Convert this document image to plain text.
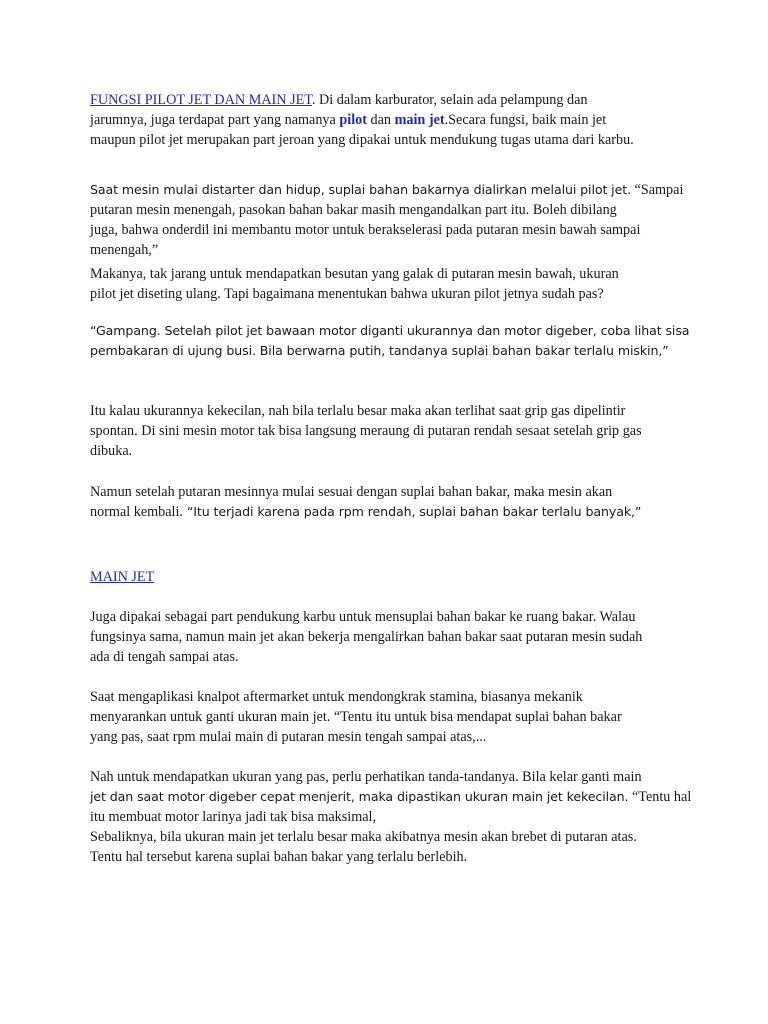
FUNGSI PILOT JET DAN MAIN JET. Di dalam karburator, selain ada pelampung dan
jarumnya, juga terdapat part yang namanya pilot dan main jet.Secara fungsi, baik main jet
maupun pilot jet merupakan part jeroan yang dipakai untuk mendukung tugas utama dari karbu.

Saat mesin mulai distarter dan hidup, suplai bahan bakarnya dialirkan melalui pilot jet. “Sampai
putaran mesin menengah, pasokan bahan bakar masih mengandalkan part itu. Boleh dibilang
juga, bahwa onderdil ini membantu motor untuk berakselerasi pada putaran mesin bawah sampai
menengah,”

Makanya, tak jarang untuk mendapatkan besutan yang galak di putaran mesin bawah, ukuran
pilot jet diseting ulang. Tapi bagaimana menentukan bahwa ukuran pilot jetnya sudah pas?

“Gampang. Setelah pilot jet bawaan motor diganti ukurannya dan motor digeber, coba lihat sisa
pembakaran di ujung busi. Bila berwarna putih, tandanya suplai bahan bakar terlalu miskin,”

Itu kalau ukurannya kekecilan, nah bila terlalu besar maka akan terlihat saat grip gas dipelintir
spontan. Di sini mesin motor tak bisa langsung meraung di putaran rendah sesaat setelah grip gas
dibuka.

Namun setelah putaran mesinnya mulai sesuai dengan suplai bahan bakar, maka mesin akan
normal kembali. “Itu terjadi karena pada rpm rendah, suplai bahan bakar terlalu banyak,”

MAIN JET

Juga dipakai sebagai part pendukung karbu untuk mensuplai bahan bakar ke ruang bakar. Walau
fungsinya sama, namun main jet akan bekerja mengalirkan bahan bakar saat putaran mesin sudah
ada di tengah sampai atas.

Saat mengaplikasi knalpot aftermarket untuk mendongkrak stamina, biasanya mekanik
menyarankan untuk ganti ukuran main jet. “Tentu itu untuk bisa mendapat suplai bahan bakar
yang pas, saat rpm mulai main di putaran mesin tengah sampai atas,...

Nah untuk mendapatkan ukuran yang pas, perlu perhatikan tanda-tandanya. Bila kelar ganti main
jet dan saat motor digeber cepat menjerit, maka dipastikan ukuran main jet kekecilan. “Tentu hal
itu membuat motor larinya jadi tak bisa maksimal,

Sebaliknya, bila ukuran main jet terlalu besar maka akibatnya mesin akan brebet di putaran atas.
Tentu hal tersebut karena suplai bahan bakar yang terlalu berlebih.
